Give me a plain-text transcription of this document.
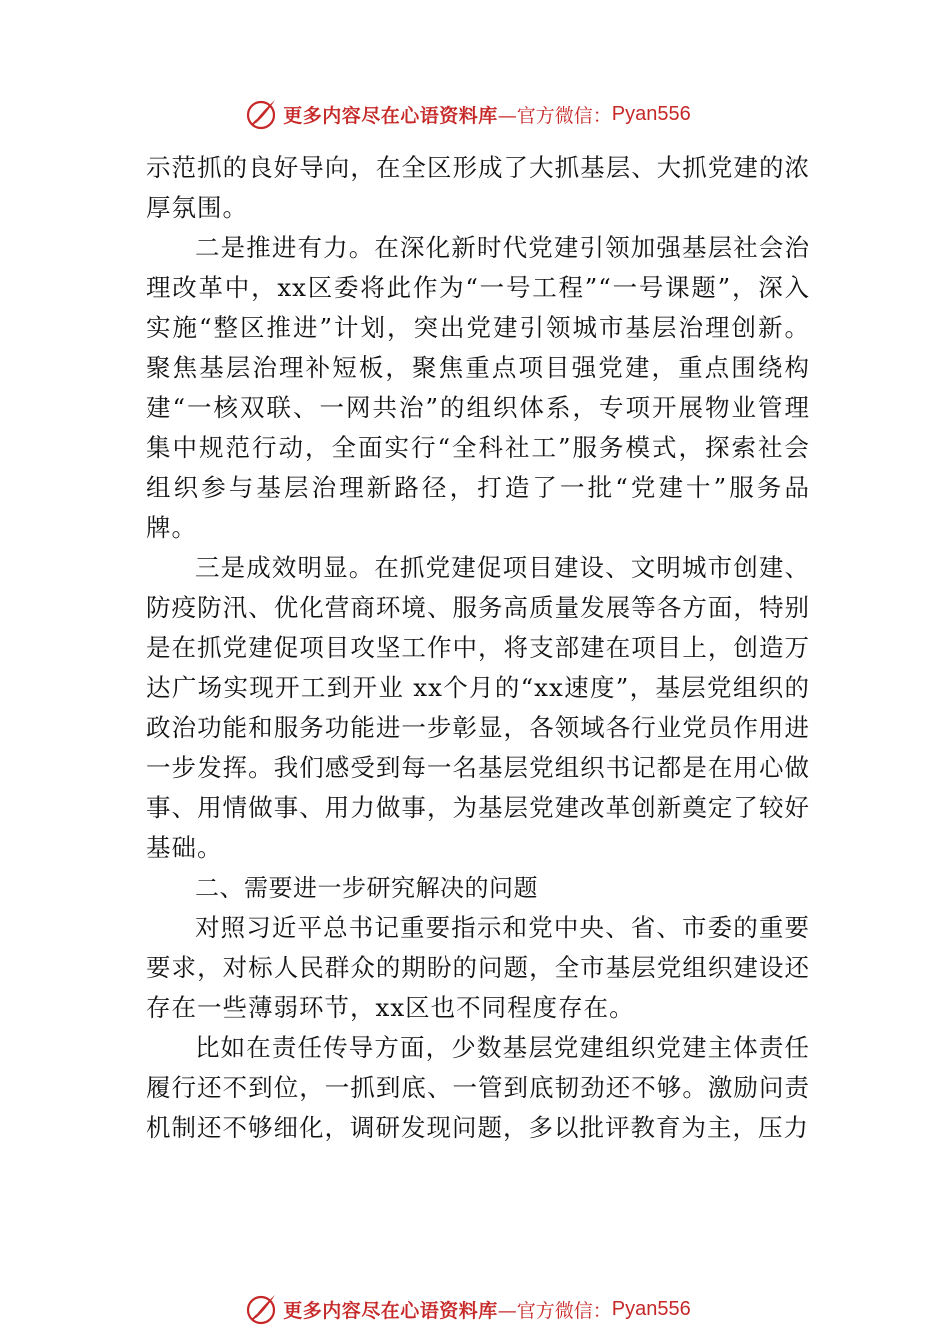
更多内容尽在心语资料库 —官方微信： Pyan556

示范抓的良好导向，在全区形成了大抓基层、大抓党建的浓厚氛围。

二是推进有力。在深化新时代党建引领加强基层社会治理改革中，xx区委将此作为“一号工程”“一号课题”，深入实施“整区推进”计划，突出党建引领城市基层治理创新。聚焦基层治理补短板，聚焦重点项目强党建，重点围绕构建“一核双联、一网共治”的组织体系，专项开展物业管理集中规范行动，全面实行“全科社工”服务模式，探索社会组织参与基层治理新路径，打造了一批“党建十”服务品牌。

三是成效明显。在抓党建促项目建设、文明城市创建、防疫防汛、优化营商环境、服务高质量发展等各方面，特别是在抓党建促项目攻坚工作中，将支部建在项目上，创造万达广场实现开工到开业 xx个月的“xx速度”，基层党组织的政治功能和服务功能进一步彰显，各领域各行业党员作用进一步发挥。我们感受到每一名基层党组织书记都是在用心做事、用情做事、用力做事，为基层党建改革创新奠定了较好基础。

二、需要进一步研究解决的问题

对照习近平总书记重要指示和党中央、省、市委的重要要求，对标人民群众的期盼的问题，全市基层党组织建设还存在一些薄弱环节，xx区也不同程度存在。

比如在责任传导方面，少数基层党建组织党建主体责任履行还不到位，一抓到底、一管到底韧劲还不够。激励问责机制还不够细化，调研发现问题，多以批评教育为主，压力

更多内容尽在心语资料库 —官方微信： Pyan556
